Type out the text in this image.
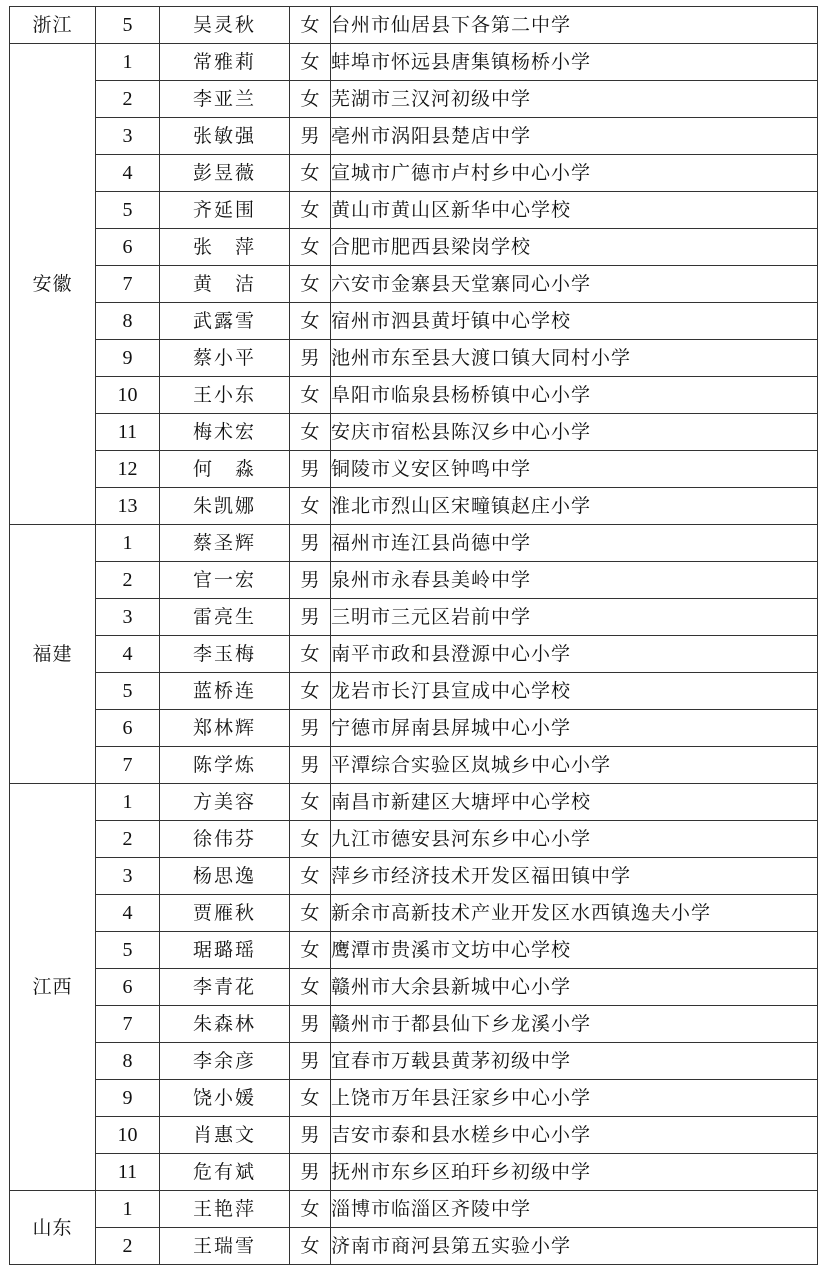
浙江	5	吴灵秋	女	台州市仙居县下各第二中学
安徽	1	常雅莉	女	蚌埠市怀远县唐集镇杨桥小学
	2	李亚兰	女	芜湖市三汉河初级中学
	3	张敏强	男	亳州市涡阳县楚店中学
	4	彭昱薇	女	宣城市广德市卢村乡中心小学
	5	齐延围	女	黄山市黄山区新华中心学校
	6	张　萍	女	合肥市肥西县梁岗学校
	7	黄　洁	女	六安市金寨县天堂寨同心小学
	8	武露雪	女	宿州市泗县黄圩镇中心学校
	9	蔡小平	男	池州市东至县大渡口镇大同村小学
	10	王小东	女	阜阳市临泉县杨桥镇中心小学
	11	梅术宏	女	安庆市宿松县陈汉乡中心小学
	12	何　淼	男	铜陵市义安区钟鸣中学
	13	朱凯娜	女	淮北市烈山区宋疃镇赵庄小学
福建	1	蔡圣辉	男	福州市连江县尚德中学
	2	官一宏	男	泉州市永春县美岭中学
	3	雷亮生	男	三明市三元区岩前中学
	4	李玉梅	女	南平市政和县澄源中心小学
	5	蓝桥连	女	龙岩市长汀县宣成中心学校
	6	郑林辉	男	宁德市屏南县屏城中心小学
	7	陈学炼	男	平潭综合实验区岚城乡中心小学
江西	1	方美容	女	南昌市新建区大塘坪中心学校
	2	徐伟芬	女	九江市德安县河东乡中心小学
	3	杨思逸	女	萍乡市经济技术开发区福田镇中学
	4	贾雁秋	女	新余市高新技术产业开发区水西镇逸夫小学
	5	琚璐瑶	女	鹰潭市贵溪市文坊中心学校
	6	李青花	女	赣州市大余县新城中心小学
	7	朱森林	男	赣州市于都县仙下乡龙溪小学
	8	李余彦	男	宜春市万载县黄茅初级中学
	9	饶小媛	女	上饶市万年县汪家乡中心小学
	10	肖惠文	男	吉安市泰和县水槎乡中心小学
	11	危有斌	男	抚州市东乡区珀玕乡初级中学
山东	1	王艳萍	女	淄博市临淄区齐陵中学
	2	王瑞雪	女	济南市商河县第五实验小学
